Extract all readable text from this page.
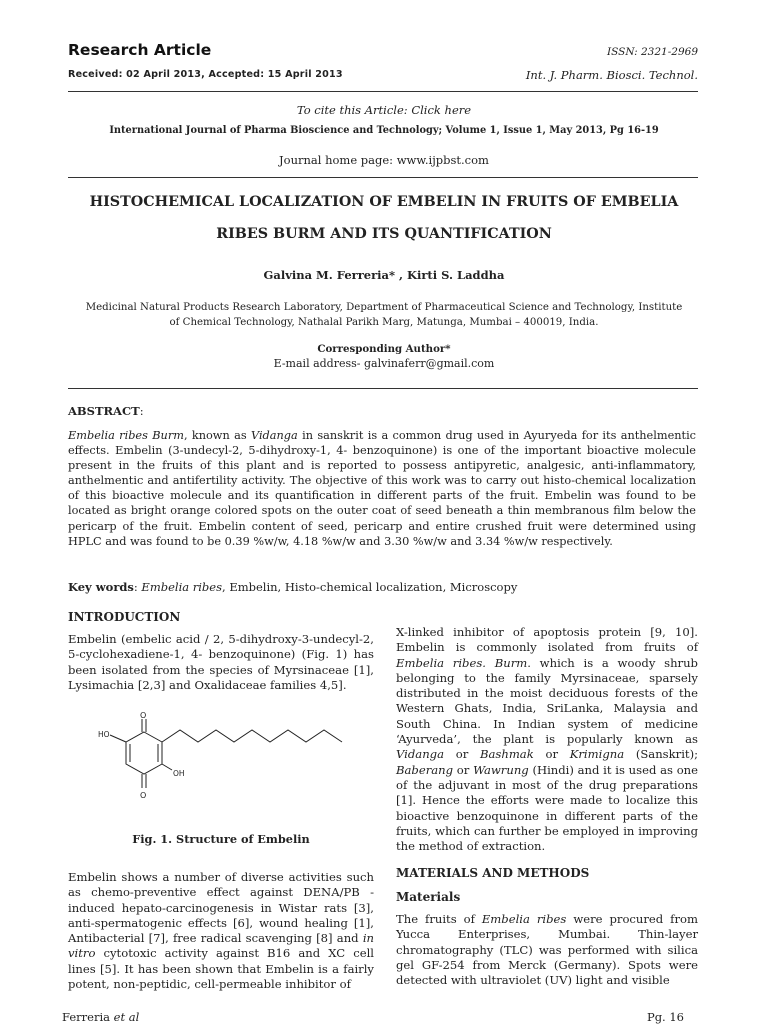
Research Article	ISSN: 2321-2969
Received: 02 April 2013, Accepted: 15 April 2013	Int. J. Pharm. Biosci. Technol.
To cite this Article: Click here
International Journal of Pharma Bioscience and Technology; Volume 1, Issue 1, May 2013, Pg 16-19
Journal home page: www.ijpbst.com
HISTOCHEMICAL LOCALIZATION OF EMBELIN IN FRUITS OF EMBELIA
RIBES BURM AND ITS QUANTIFICATION
Galvina M. Ferreria* , Kirti S. Laddha
Medicinal Natural Products Research Laboratory, Department of Pharmaceutical Science and Technology, Institute
of Chemical Technology, Nathalal Parikh Marg, Matunga, Mumbai – 400019, India.
Corresponding Author*
E-mail address- galvinaferr@gmail.com
ABSTRACT:
Embelia ribes Burm, known as Vidanga in sanskrit is a common drug used in Ayuryeda for its anthelmentic effects. Embelin (3-undecyl-2, 5-dihydroxy-1, 4- benzoquinone) is one of the important bioactive molecule present in the fruits of this plant and is reported to possess antipyretic, analgesic, anti-inflammatory, anthelmentic and antifertility activity. The objective of this work was to carry out histo-chemical localization of this bioactive molecule and its quantification in different parts of the fruit. Embelin was found to be located as bright orange colored spots on the outer coat of seed beneath a thin membranous film below the pericarp of the fruit. Embelin content of seed, pericarp and entire crushed fruit were determined using HPLC and was found to be 0.39 %w/w, 4.18 %w/w and 3.30 %w/w and 3.34 %w/w respectively.
Key words: Embelia ribes, Embelin, Histo-chemical localization, Microscopy
INTRODUCTION

Embelin (embelic acid / 2, 5-dihydroxy-3-undecyl-2, 5-cyclohexadiene-1, 4- benzoquinone) (Fig. 1) has been isolated from the species of Myrsinaceae [1], Lysimachia [2,3] and Oxalidaceae families 4,5].

O
O
HO
OH
Fig. 1. Structure of Embelin

Embelin shows a number of diverse activities such as chemo-preventive effect against DENA/PB -induced hepato-carcinogenesis in Wistar rats [3], anti-spermatogenic effects [6], wound healing [1], Antibacterial [7], free radical scavenging [8] and in vitro cytotoxic activity against B16 and XC cell lines [5]. It has been shown that Embelin is a fairly potent, non-peptidic, cell-permeable inhibitor of

X-linked inhibitor of apoptosis protein [9, 10]. Embelin is commonly isolated from fruits of Embelia ribes. Burm. which is a woody shrub belonging to the family Myrsinaceae, sparsely distributed in the moist deciduous forests of the Western Ghats, India, SriLanka, Malaysia and South China. In Indian system of medicine ‘Ayurveda’, the plant is popularly known as Vidanga or Bashmak or Krimigna (Sanskrit); Baberang or Wawrung (Hindi) and it is used as one of the adjuvant in most of the drug preparations [1]. Hence the efforts were made to localize this bioactive benzoquinone in different parts of the fruits, which can further be employed in improving the method of extraction.

MATERIALS AND METHODS
Materials

The fruits of Embelia ribes were procured from Yucca Enterprises, Mumbai. Thin-layer chromatography (TLC) was performed with silica gel GF-254 from Merck (Germany). Spots were detected with ultraviolet (UV) light and visible

Ferreria et al	Pg. 16
